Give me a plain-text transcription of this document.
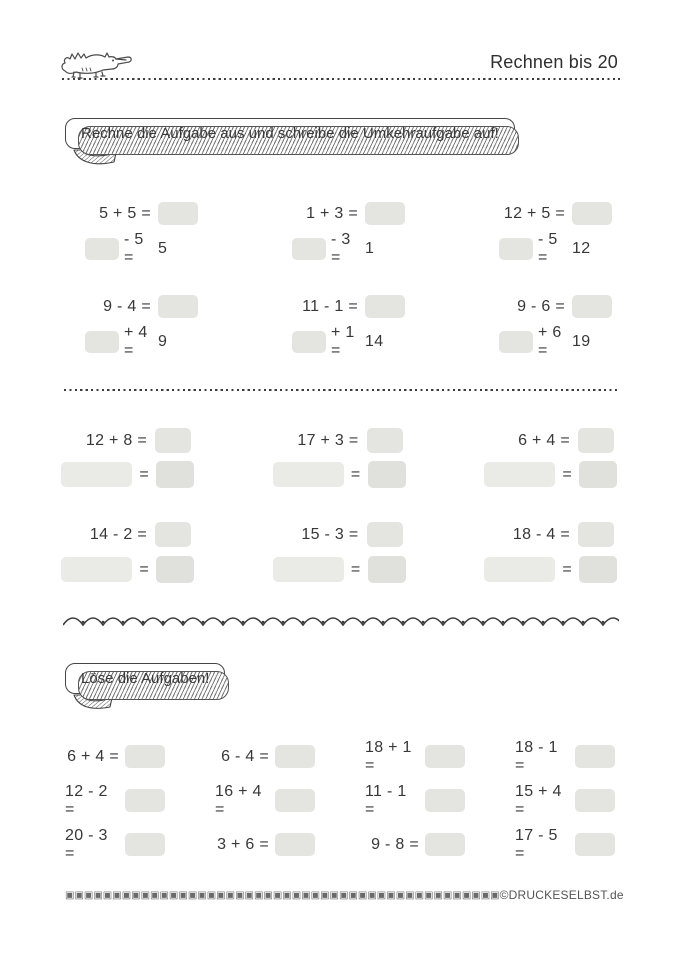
Rechnen bis 20
Rechne die Aufgabe aus und schreibe die Umkehraufgabe auf!
5 + 5 =
- 5 =
5
9 - 4 =
+ 4 =
9
1 + 3 =
- 3 =
1
11 - 1 =
+ 1 =
14
12 + 5 =
- 5 =
12
9 - 6 =
+ 6 =
19
12 + 8 =
=
14 - 2 =
=
17 + 3 =
=
15 - 3 =
=
6 + 4 =
=
18 - 4 =
=
Löse die Aufgaben!
6 + 4 =
12 - 2 =
20 - 3 =
6 - 4 =
16 + 4 =
3 + 6 =
18 + 1 =
11 - 1 =
9 - 8 =
18 - 1 =
15 + 4 =
17 - 5 =
▣▣▣▣▣▣▣▣▣▣▣▣▣▣▣▣▣▣▣▣▣▣▣▣▣▣▣▣▣▣▣▣▣▣▣▣▣▣▣▣▣▣▣▣▣▣ ©DRUCKESELBST.de
